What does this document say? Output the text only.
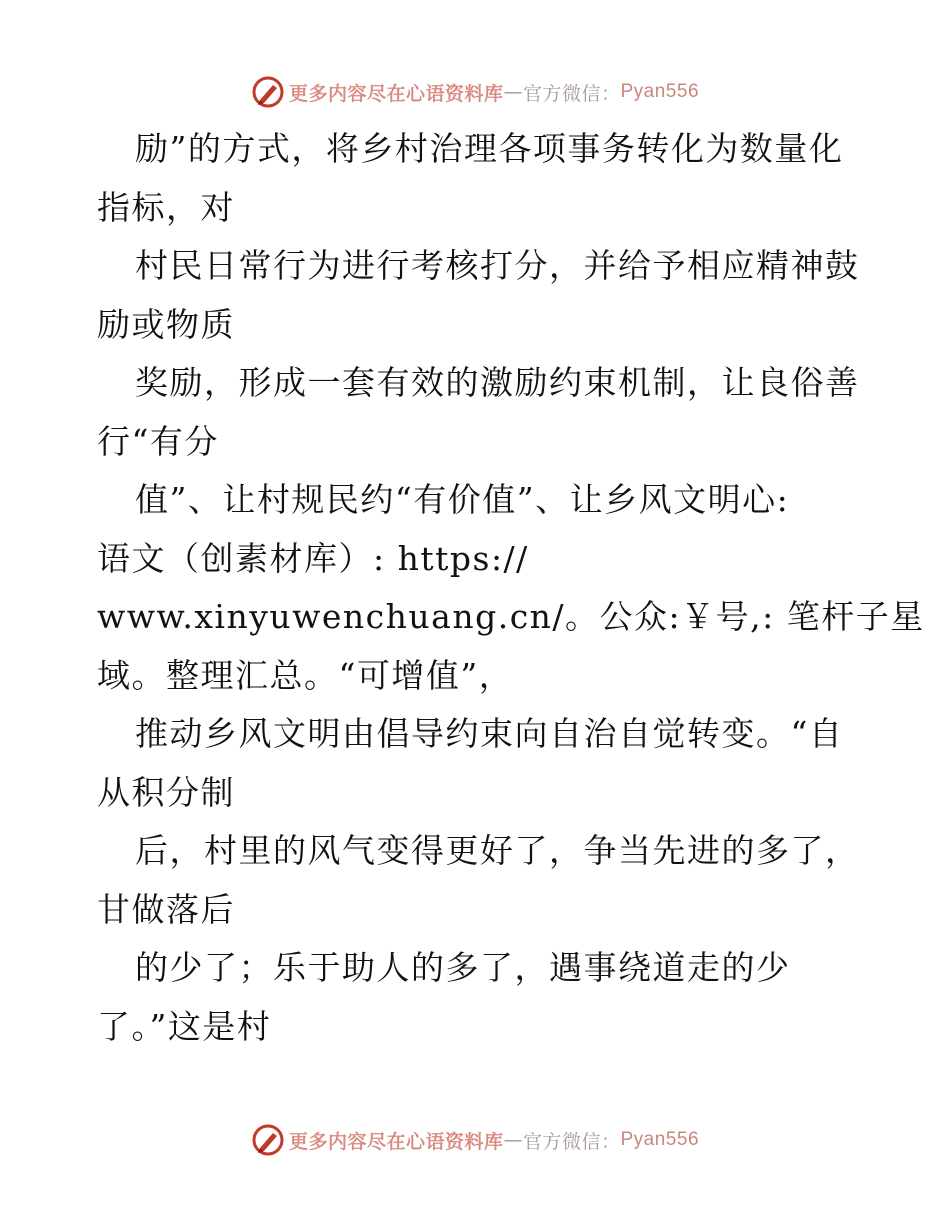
更多内容尽在心语资料库 — 官方微信： Pyan556
励”的方式，将乡村治理各项事务转化为数量化
指标，对
村民日常行为进行考核打分，并给予相应精神鼓
励或物质
奖励，形成一套有效的激励约束机制，让良俗善
行“有分
值”、让村规民约“有价值”、让乡风文明心:
语文（创素材库）: https://
www.xinyuwenchuang.cn/。公众:￥号,: 笔杆子星
域。整理汇总。“可增值”，
推动乡风文明由倡导约束向自治自觉转变。“自
从积分制
后，村里的风气变得更好了，争当先进的多了，
甘做落后
的少了；乐于助人的多了，遇事绕道走的少
了。”这是村
更多内容尽在心语资料库 — 官方微信： Pyan556
